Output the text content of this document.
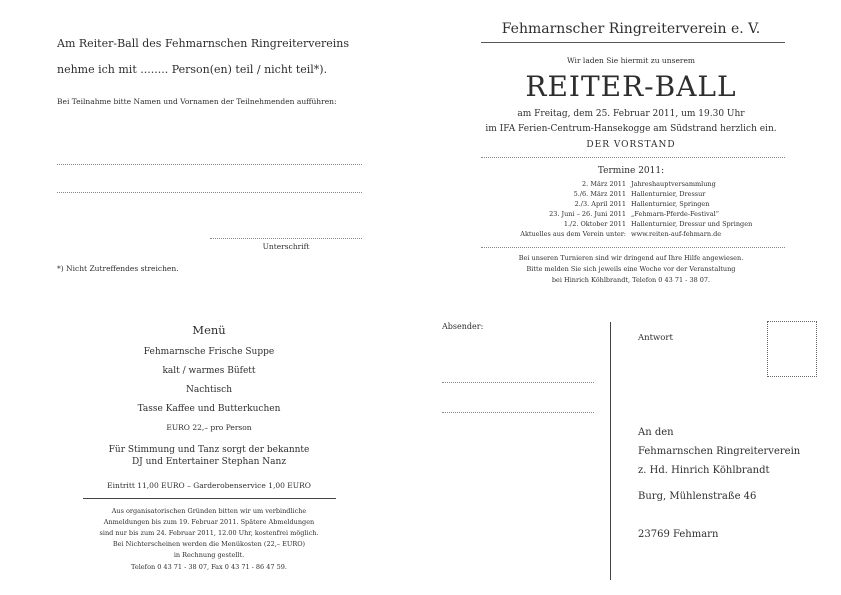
Am Reiter-Ball des Fehmarnschen Ringreitervereins
nehme ich mit ........ Person(en) teil / nicht teil*).
Bei Teilnahme bitte Namen und Vornamen der Teilnehmenden aufführen:
Unterschrift
*) Nicht Zutreffendes streichen.
Fehmarnscher Ringreiterverein e. V.
Wir laden Sie hiermit zu unserem
REITER-BALL
am Freitag, dem 25. Februar 2011, um 19.30 Uhr
im IFA Ferien-Centrum-Hansekogge am Südstrand herzlich ein.
DER VORSTAND
Termine 2011:
2. März 2011 Jahreshauptversammlung
5./6. März 2011 Hallenturnier, Dressur
2./3. April 2011 Hallenturnier, Springen
23. Juni – 26. Juni 2011 „Fehmarn-Pferde-Festival“
1./2. Oktober 2011 Hallenturnier, Dressur und Springen
Aktuelles aus dem Verein unter: www.reiten-auf-fehmarn.de
Bei unseren Turnieren sind wir dringend auf Ihre Hilfe angewiesen.
Bitte melden Sie sich jeweils eine Woche vor der Veranstaltung
bei Hinrich Köhlbrandt, Telefon 0 43 71 - 38 07.
Menü
Fehmarnsche Frische Suppe
kalt / warmes Büfett
Nachtisch
Tasse Kaffee und Butterkuchen
EURO 22,– pro Person
Für Stimmung und Tanz sorgt der bekannte
DJ und Entertainer Stephan Nanz
Eintritt 11,00 EURO – Garderobenservice 1,00 EURO
Aus organisatorischen Gründen bitten wir um verbindliche
Anmeldungen bis zum 19. Februar 2011. Spätere Abmeldungen
sind nur bis zum 24. Februar 2011, 12.00 Uhr, kostenfrei möglich.
Bei Nichterscheinen werden die Menükosten (22,– EURO)
in Rechnung gestellt.
Telefon 0 43 71 - 38 07, Fax 0 43 71 - 86 47 59.
Absender:
Antwort
An den
Fehmarnschen Ringreiterverein
z. Hd. Hinrich Köhlbrandt
Burg, Mühlenstraße 46
23769 Fehmarn
